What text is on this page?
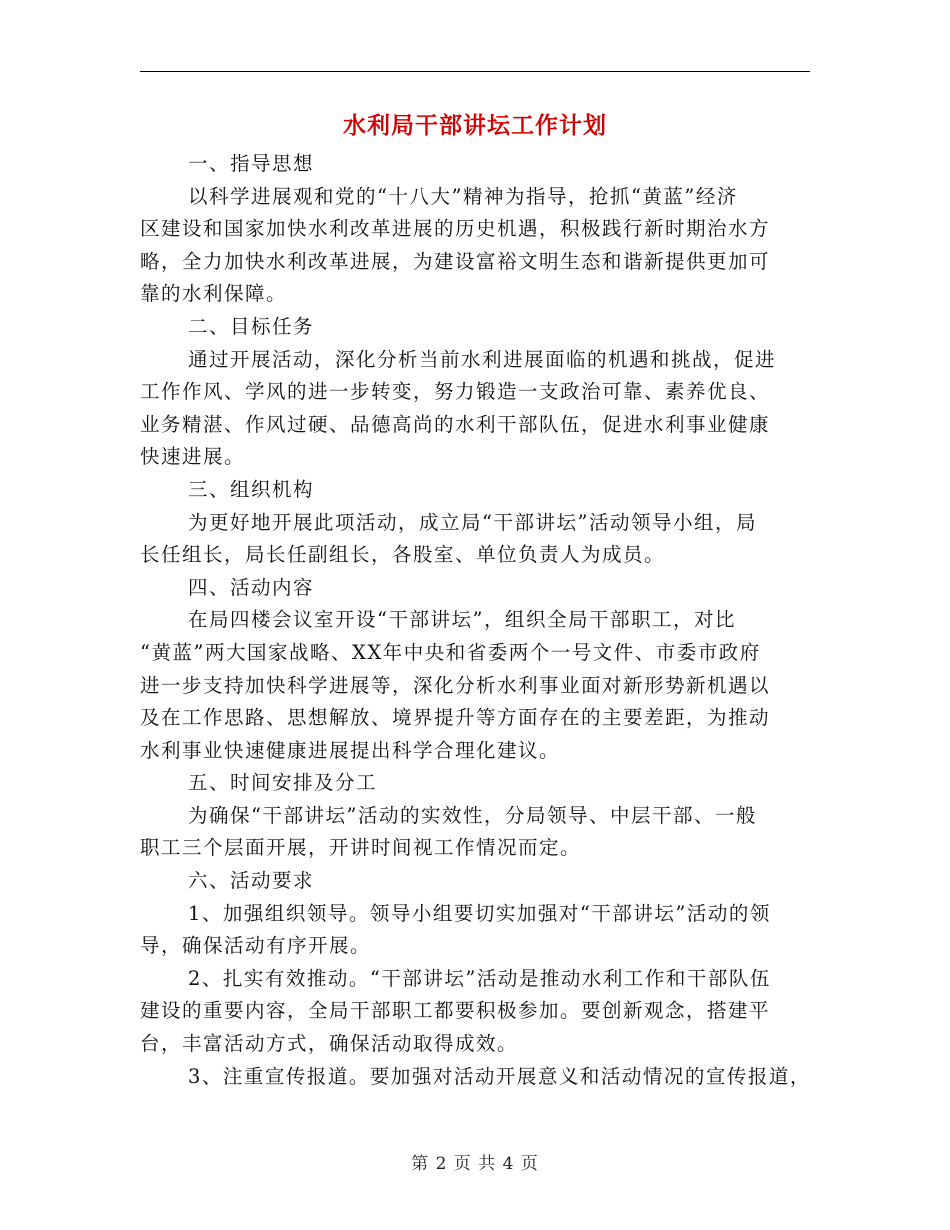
水利局干部讲坛工作计划
一、指导思想
以科学进展观和党的“十八大”精神为指导，抢抓“黄蓝”经济
区建设和国家加快水利改革进展的历史机遇，积极践行新时期治水方
略，全力加快水利改革进展，为建设富裕文明生态和谐新提供更加可
靠的水利保障。
二、目标任务
通过开展活动，深化分析当前水利进展面临的机遇和挑战，促进
工作作风、学风的进一步转变，努力锻造一支政治可靠、素养优良、
业务精湛、作风过硬、品德高尚的水利干部队伍，促进水利事业健康
快速进展。
三、组织机构
为更好地开展此项活动，成立局“干部讲坛”活动领导小组，局
长任组长，局长任副组长，各股室、单位负责人为成员。
四、活动内容
在局四楼会议室开设“干部讲坛”，组织全局干部职工，对比
“黄蓝”两大国家战略、XX年中央和省委两个一号文件、市委市政府
进一步支持加快科学进展等，深化分析水利事业面对新形势新机遇以
及在工作思路、思想解放、境界提升等方面存在的主要差距，为推动
水利事业快速健康进展提出科学合理化建议。
五、时间安排及分工
为确保“干部讲坛”活动的实效性，分局领导、中层干部、一般
职工三个层面开展，开讲时间视工作情况而定。
六、活动要求
1、加强组织领导。领导小组要切实加强对“干部讲坛”活动的领
导，确保活动有序开展。
2、扎实有效推动。“干部讲坛”活动是推动水利工作和干部队伍
建设的重要内容，全局干部职工都要积极参加。要创新观念，搭建平
台，丰富活动方式，确保活动取得成效。
3、注重宣传报道。要加强对活动开展意义和活动情况的宣传报道，
第 2 页 共 4 页
